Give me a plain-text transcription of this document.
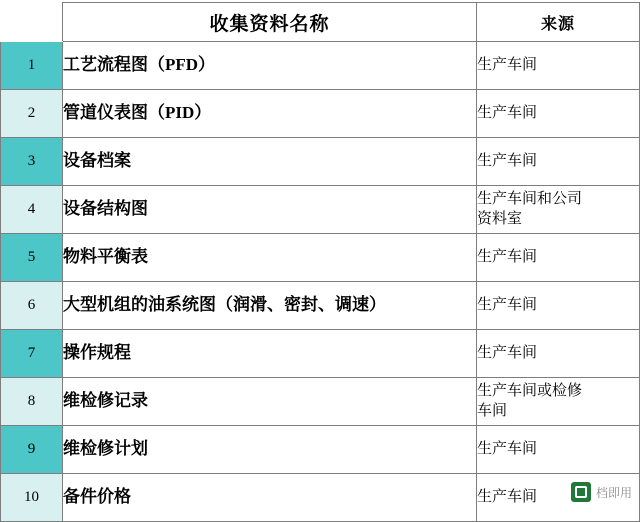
	收集资料名称	来源
1	工艺流程图（PFD）	生产车间
2	管道仪表图（PID）	生产车间
3	设备档案	生产车间
4	设备结构图	生产车间和公司
资料室

5	物料平衡表	生产车间
6	大型机组的油系统图（润滑、密封、调速）	生产车间
7	操作规程	生产车间
8	维检修记录	生产车间或检修
车间

9	维检修计划	生产车间
10	备件价格	生产车间	档即用
